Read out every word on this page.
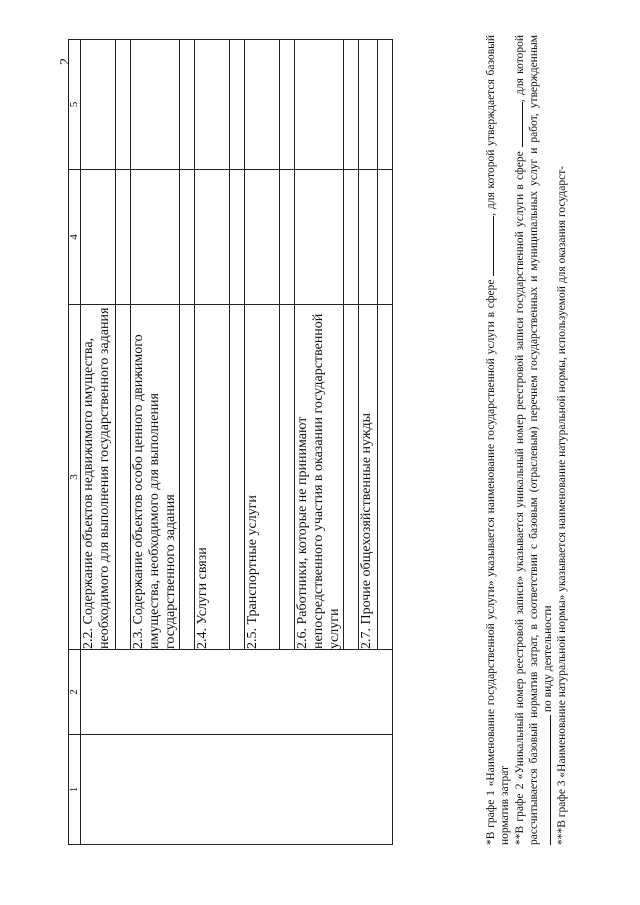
2
1	2	3	4	5
		2.2. Содержание объектов недвижимого имущества, необходимого для выполнения государственного задания		

		2.3. Содержание объектов особо ценного движимого имущества, необходимого для выполнения государственного задания		

		2.4. Услуги связи		

		2.5. Транспортные услуги		

		2.6. Работники, которые не принимают непосредственного участия в оказании государственной услуги		

		2.7. Прочие общехозяйственные нужды		
			*В графе 1 «Наименование государственной услуги» указывается наименование государственной услуги в сфере , для которой утверждается базовый норматив затрат **В графе 2 «Уникальный номер реестровой записи» указывается уникальный номер реестровой записи государственной услуги в сфере , для которой рассчитывается базовый норматив затрат, в соответствии с базовым (отраслевым) перечнем государственных и муниципальных услуг и работ, утвержденным по виду деятельности ***В графе 3 «Наименование натуральной нормы» указывается наименование натуральной нормы, используемой для оказания государст-
